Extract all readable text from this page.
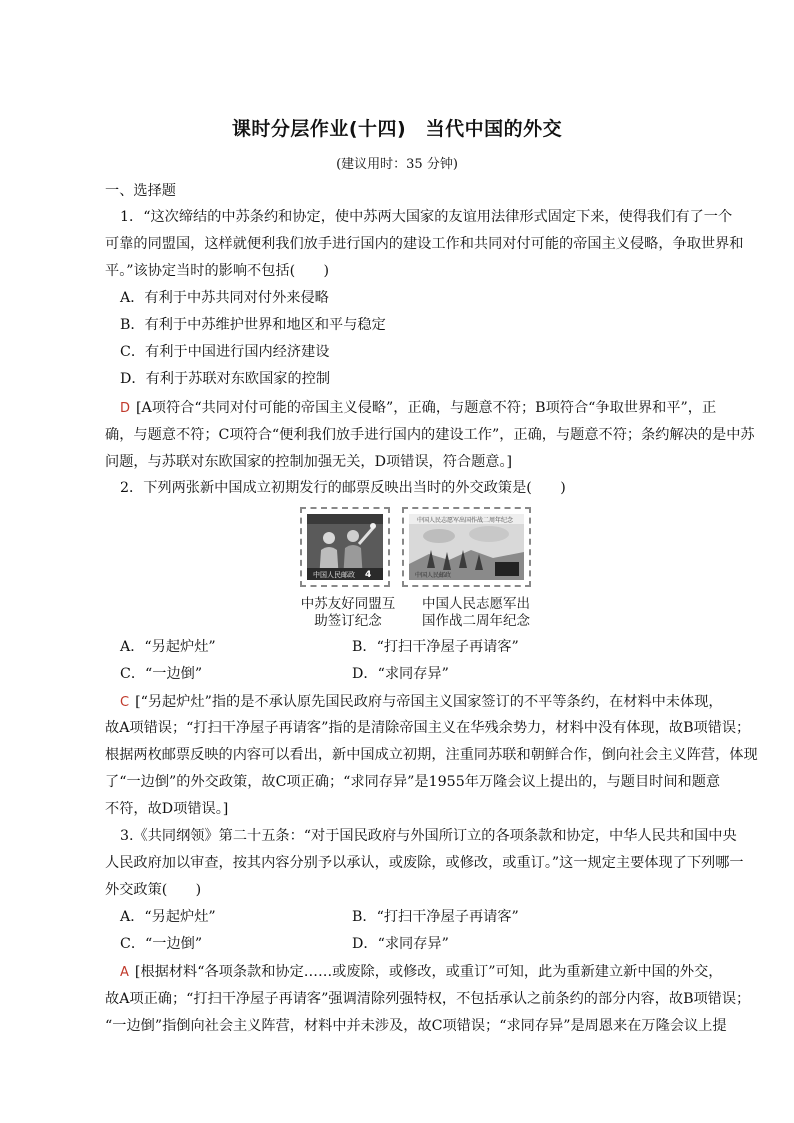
课时分层作业(十四)　当代中国的外交
(建议用时：35 分钟)
一、选择题
1．“这次缔结的中苏条约和协定，使中苏两大国家的友谊用法律形式固定下来，使得我们有了一个
可靠的同盟国，这样就便利我们放手进行国内的建设工作和共同对付可能的帝国主义侵略，争取世界和
平。”该协定当时的影响不包括(　　)
A．有利于中苏共同对付外来侵略
B．有利于中苏维护世界和地区和平与稳定
C．有利于中国进行国内经济建设
D．有利于苏联对东欧国家的控制
D [A项符合“共同对付可能的帝国主义侵略”，正确，与题意不符；B项符合“争取世界和平”，正
确，与题意不符；C项符合“便利我们放手进行国内的建设工作”，正确，与题意不符；条约解决的是中苏
问题，与苏联对东欧国家的控制加强无关，D项错误，符合题意。]
2．下列两张新中国成立初期发行的邮票反映出当时的外交政策是(　　)
中国人民邮政 4
中国人民志愿军出国作战二周年纪念
中国人民邮政
中苏友好同盟互
助签订纪念
中国人民志愿军出
国作战二周年纪念
A．“另起炉灶”	B．“打扫干净屋子再请客”
C．“一边倒”	D．“求同存异”
C [“另起炉灶”指的是不承认原先国民政府与帝国主义国家签订的不平等条约，在材料中未体现，
故A项错误；“打扫干净屋子再请客”指的是清除帝国主义在华残余势力，材料中没有体现，故B项错误；
根据两枚邮票反映的内容可以看出，新中国成立初期，注重同苏联和朝鲜合作，倒向社会主义阵营，体现
了“一边倒”的外交政策，故C项正确；“求同存异”是1955年万隆会议上提出的，与题目时间和题意
不符，故D项错误。]
3.《共同纲领》第二十五条：“对于国民政府与外国所订立的各项条款和协定，中华人民共和国中央
人民政府加以审查，按其内容分别予以承认，或废除，或修改，或重订。”这一规定主要体现了下列哪一
外交政策(　　)
A．“另起炉灶”	B．“打扫干净屋子再请客”
C．“一边倒”	D．“求同存异”
A [根据材料“各项条款和协定……或废除，或修改，或重订”可知，此为重新建立新中国的外交，
故A项正确；“打扫干净屋子再请客”强调清除列强特权，不包括承认之前条约的部分内容，故B项错误；
“一边倒”指倒向社会主义阵营，材料中并未涉及，故C项错误；“求同存异”是周恩来在万隆会议上提
